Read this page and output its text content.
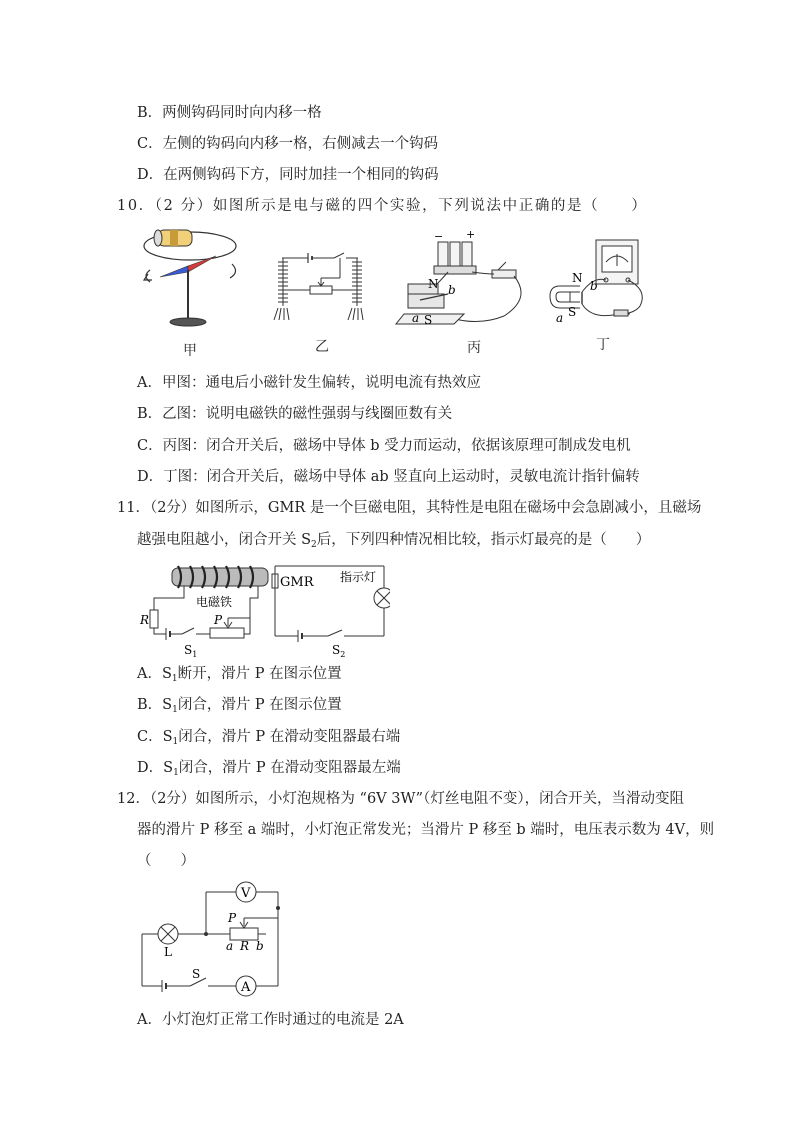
B．两侧钩码同时向内移一格
C．左侧的钩码向内移一格，右侧减去一个钩码
D．在两侧钩码下方，同时加挂一个相同的钩码
10．（2 分）如图所示是电与磁的四个实验，下列说法中正确的是（　　）
甲	乙
− +
N b
a S
丙
N
b
a S
丁
A．甲图：通电后小磁针发生偏转，说明电流有热效应
B．乙图：说明电磁铁的磁性强弱与线圈匝数有关
C．丙图：闭合开关后，磁场中导体 b 受力而运动，依据该原理可制成发电机
D．丁图：闭合开关后，磁场中导体 ab 竖直向上运动时，灵敏电流计指针偏转
11．（2分）如图所示，GMR 是一个巨磁电阻，其特性是电阻在磁场中会急剧减小，且磁场
越强电阻越小，闭合开关 $S_2$后，下列四种情况相比较，指示灯最亮的是（　　）
GMR 指示灯
电磁铁
R	P
$S_1$	$S_2$
A．$S_1$断开，滑片 P 在图示位置
B．$S_1$闭合，滑片 P 在图示位置
C．$S_1$闭合，滑片 P 在滑动变阻器最右端
D．$S_1$闭合，滑片 P 在滑动变阻器最左端
12．（2分）如图所示，小灯泡规格为 “6V 3W”（灯丝电阻不变），闭合开关，当滑动变阻
器的滑片 P 移至 a 端时，小灯泡正常发光；当滑片 P 移至 b 端时，电压表示数为 4V，则
（　　）
V
A
L
S
P
a R b
A．小灯泡灯正常工作时通过的电流是 2A
